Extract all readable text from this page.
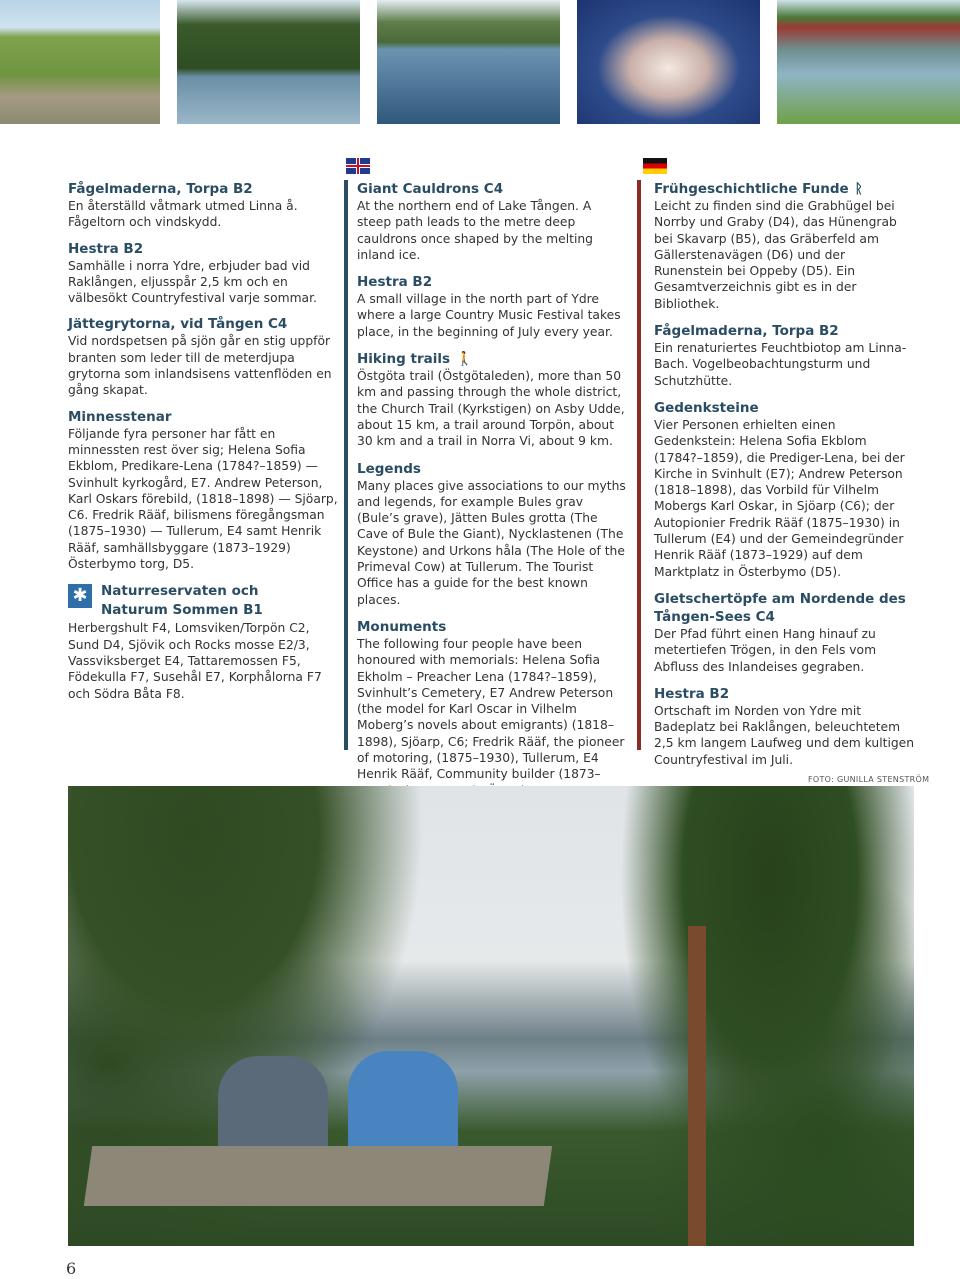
Fågelmaderna, Torpa B2

En återställd våtmark utmed Linna å. Fågeltorn och vindskydd.

Hestra B2

Samhälle i norra Ydre, erbjuder bad vid Raklången, eljusspår 2,5 km och en välbesökt Countryfestival varje sommar.

Jättegrytorna, vid Tången C4

Vid nordspetsen på sjön går en stig uppför branten som leder till de meterdjupa grytorna som inlandsisens vattenflöden en gång skapat.

Minnesstenar

Följande fyra personer har fått en minnessten rest över sig; Helena Sofia Ekblom, Predikare-Lena (1784?–1859) — Svinhult kyrkogård, E7. Andrew Peterson, Karl Oskars förebild, (1818–1898) — Sjöarp, C6. Fredrik Rääf, bilismens föregångsman (1875–1930) — Tullerum, E4 samt Henrik Rääf, samhällsbyggare (1873–1929) Österbymo torg, D5.

✱ Naturreservaten och
Naturum Sommen B1

Herbergshult F4, Lomsviken/Torpön C2, Sund D4, Sjövik och Rocks mosse E2/3, Vassviksberget E4, Tattaremossen F5, Födekulla F7, Susehål E7, Korphålorna F7 och Södra Båta F8.

Giant Cauldrons C4

At the northern end of Lake Tången. A steep path leads to the metre deep cauldrons once shaped by the melting inland ice.

Hestra B2

A small village in the north part of Ydre where a large Country Music Festival takes place, in the beginning of July every year.

Hiking trails 🚶

Östgöta trail (Östgötaleden), more than 50 km and passing through the whole district, the Church Trail (Kyrkstigen) on Asby Udde, about 15 km, a trail around Torpön, about 30 km and a trail in Norra Vi, about 9 km.

Legends

Many places give associations to our myths and legends, for example Bules grav (Bule’s grave), Jätten Bules grotta (The Cave of Bule the Giant), Nycklastenen (The Keystone) and Urkons håla (The Hole of the Primeval Cow) at Tullerum. The Tourist Office has a guide for the best known places.

Monuments

The following four people have been honoured with memorials: Helena Sofia Ekholm – Preacher Lena (1784?–1859), Svinhult’s Cemetery, E7 Andrew Peterson (the model for Karl Oscar in Vilhelm Moberg’s novels about emigrants) (1818–1898), Sjöarp, C6; Fredrik Rääf, the pioneer of motoring, (1875–1930), Tullerum, E4 Henrik Rääf, Community builder (1873–

Frühgeschichtliche Funde ᚱ

Leicht zu finden sind die Grabhügel bei Norrby und Graby (D4), das Hünengrab bei Skavarp (B5), das Gräberfeld am Gällerstenavägen (D6) und der Runenstein bei Oppeby (D5). Ein Gesamtverzeichnis gibt es in der Bibliothek.

Fågelmaderna, Torpa B2

Ein renaturiertes Feuchtbiotop am Linna-Bach. Vogelbeobachtungsturm und Schutzhütte.

Gedenksteine

Vier Personen erhielten einen Gedenkstein: Helena Sofia Ekblom (1784?–1859), die Prediger-Lena, bei der Kirche in Svinhult (E7); Andrew Peterson (1818–1898), das Vorbild für Vilhelm Mobergs Karl Oskar, in Sjöarp (C6); der Autopionier Fredrik Rääf (1875–1930) in Tullerum (E4) und der Gemeindegründer Henrik Rääf (1873–1929) auf dem Marktplatz in Österbymo (D5).

Gletschertöpfe am Nordende des Tången-Sees C4

Der Pfad führt einen Hang hinauf zu metertiefen Trögen, in den Fels vom Abfluss des Inlandeises gegraben.

Hestra B2

Ortschaft im Norden von Ydre mit Badeplatz bei Raklången, beleuchtetem 2,5 km langem Laufweg und dem kultigen Countryfestival im Juli.

FOTO: GUNILLA STENSTRÖM
6
